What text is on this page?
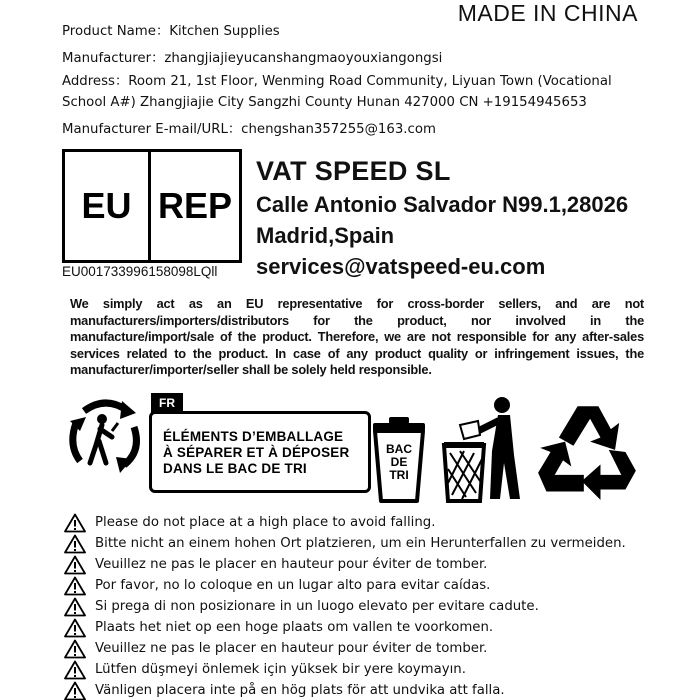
MADE IN CHINA
Product Name：Kitchen Supplies
Manufacturer：zhangjiajieyucanshangmaoyouxiangongsi
Address：Room 21, 1st Floor, Wenming Road Community, Liyuan Town (Vocational
School A#) Zhangjiajie City Sangzhi County Hunan 427000 CN +19154945653
Manufacturer E-mail/URL：chengshan357255@163.com
EU REP
EU001733996158098LQll
VAT SPEED SL
Calle Antonio Salvador N99.1,28026
Madrid,Spain
services@vatspeed-eu.com
We simply act as an EU representative for cross-border sellers, and are not manufacturers/importers/distributors for the product, nor involved in the manufacture/import/sale of the product. Therefore, we are not responsible for any after-sales services related to the product. In case of any product quality or infringement issues, the manufacturer/importer/seller shall be solely held responsible.
FR
ÉLÉMENTS D’EMBALLAGE
À SÉPARER ET À DÉPOSER
DANS LE BAC DE TRI
BAC
DE
TRI
Please do not place at a high place to avoid falling.
Bitte nicht an einem hohen Ort platzieren, um ein Herunterfallen zu vermeiden.
Veuillez ne pas le placer en hauteur pour éviter de tomber.
Por favor, no lo coloque en un lugar alto para evitar caídas.
Si prega di non posizionare in un luogo elevato per evitare cadute.
Plaats het niet op een hoge plaats om vallen te voorkomen.
Veuillez ne pas le placer en hauteur pour éviter de tomber.
Lütfen düşmeyi önlemek için yüksek bir yere koymayın.
Vänligen placera inte på en hög plats för att undvika att falla.
